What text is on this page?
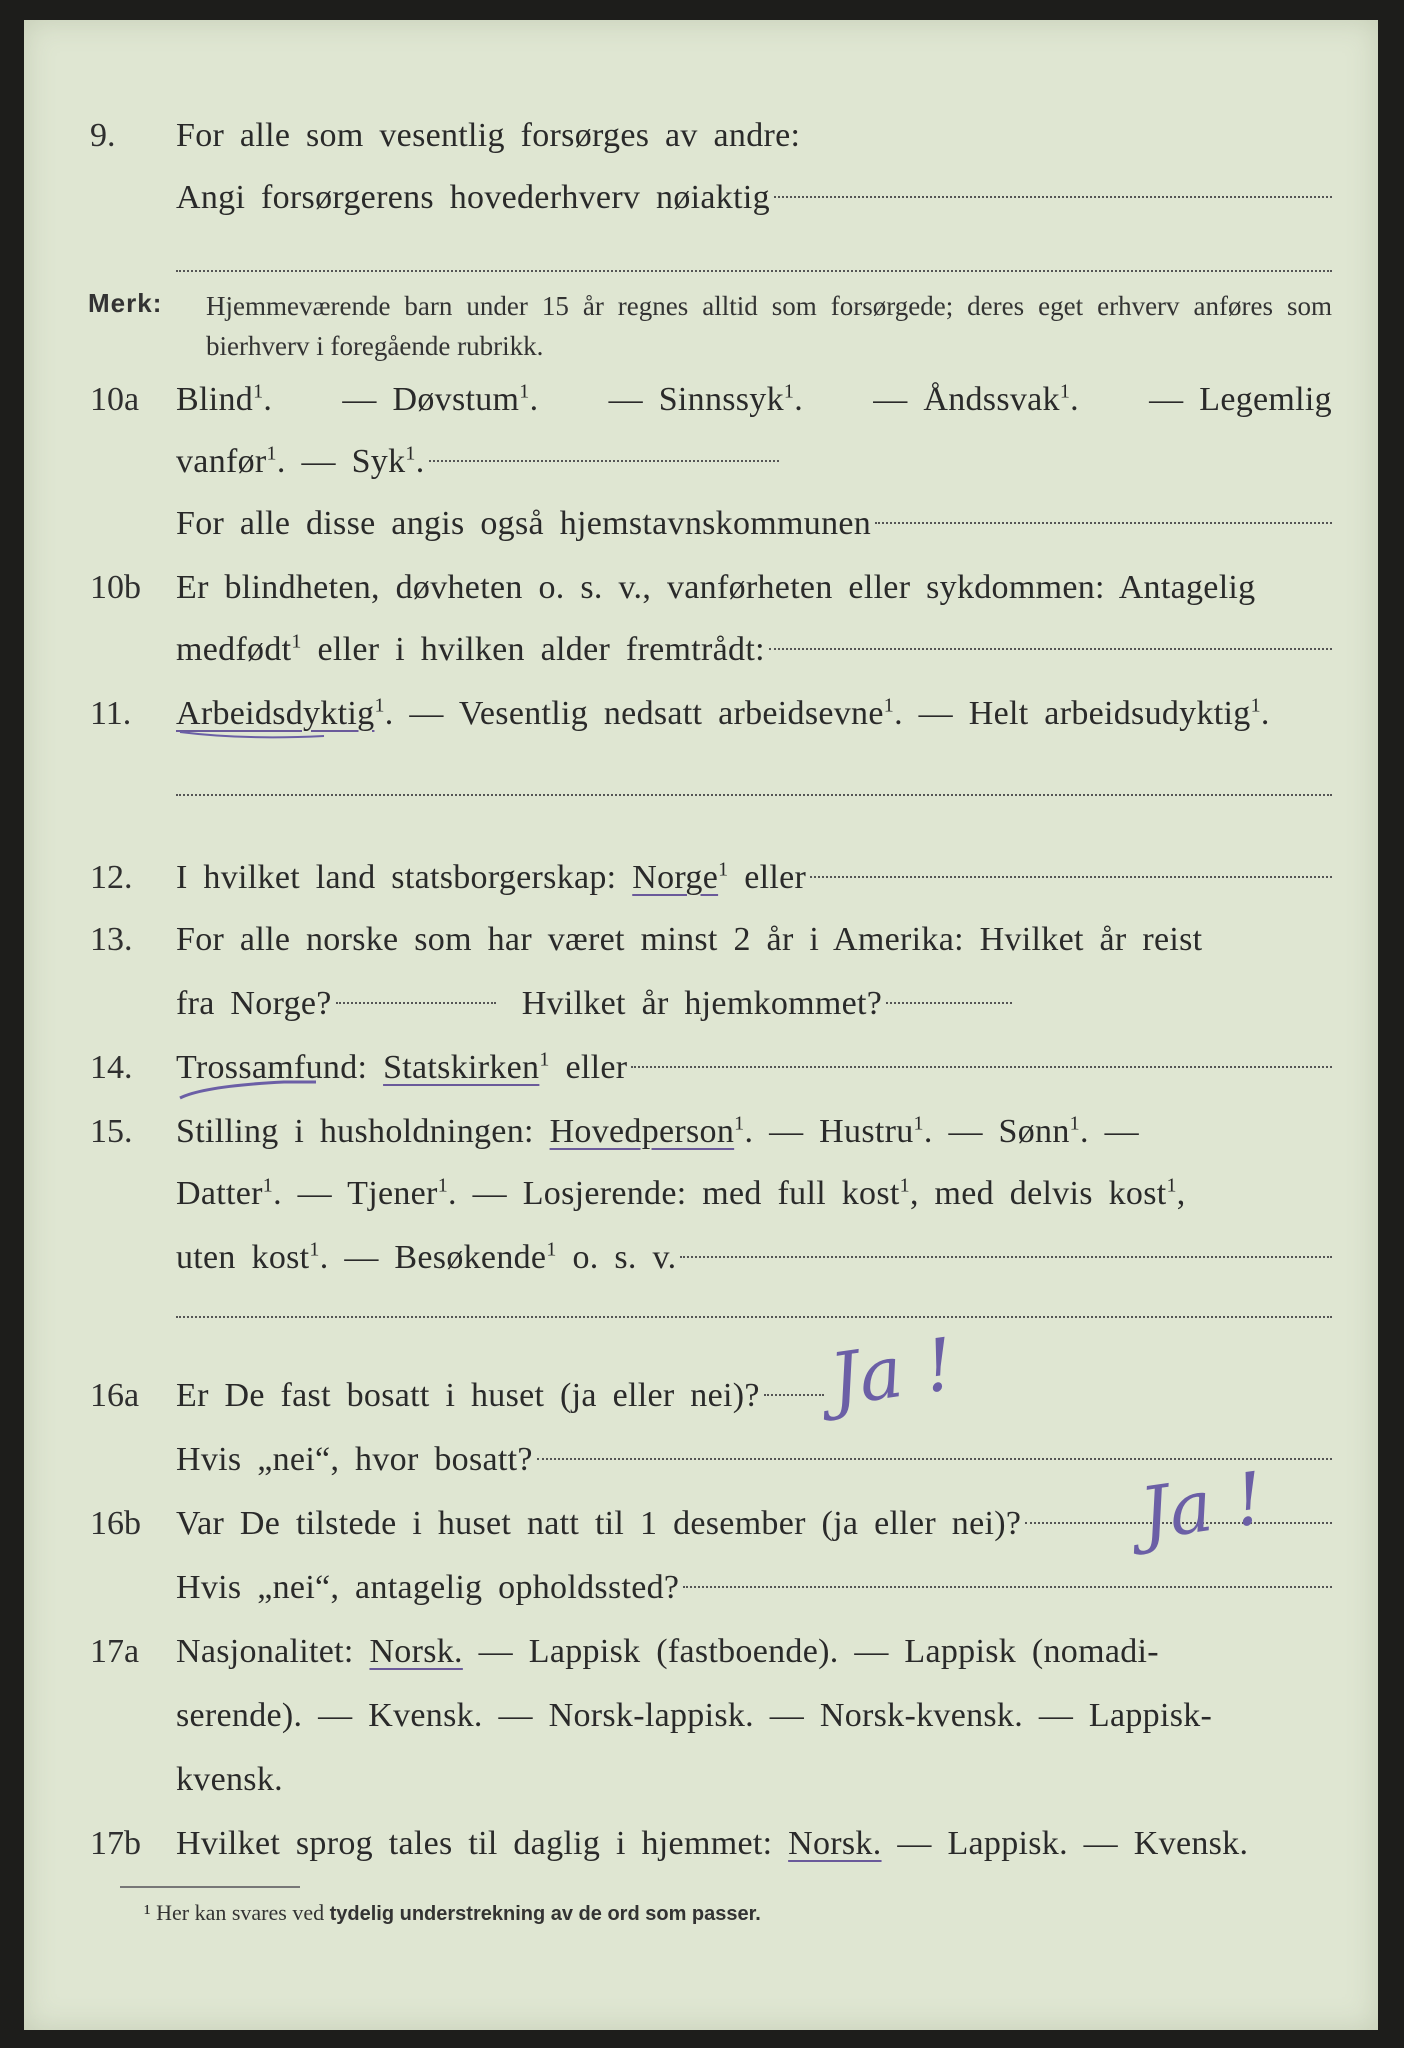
9.	For alle som vesentlig forsørges av andre:
Angi forsørgerens hovederhverv nøiaktig
Merk: Hjemmeværende barn under 15 år regnes alltid som forsørgede; deres eget erhverv anføres som bierhverv i foregående rubrikk.
10a	Blind$^1$. — Døvstum$^1$. — Sinnssyk$^1$. — Åndssvak$^1$. — Legemlig
vanfør$^1$. — Syk$^1$.
For alle disse angis også hjemstavnskommunen
10b	Er blindheten, døvheten o. s. v., vanførheten eller sykdommen: Antagelig
medfødt$^1$ eller i hvilken alder fremtrådt:
11.	Arbeidsdyktig$^1$. — Vesentlig nedsatt arbeidsevne$^1$. — Helt arbeidsudyktig$^1$.
12.	I hvilket land statsborgerskap: Norge$^1$ eller
13.	For alle norske som har været minst 2 år i Amerika: Hvilket år reist
fra Norge?	Hvilket år hjemkommet?
14.	Trossamfund: Statskirken$^1$ eller
15.	Stilling i husholdningen: Hovedperson$^1$. — Hustru$^1$. — Sønn$^1$. —
Datter$^1$. — Tjener$^1$. — Losjerende: med full kost$^1$, med delvis kost$^1$,
uten kost$^1$. — Besøkende$^1$ o. s. v.
16a	Er De fast bosatt i huset (ja eller nei)? Ja !
Hvis „nei“, hvor bosatt?
16b	Var De tilstede i huset natt til 1 desember (ja eller nei)? Ja !
Hvis „nei“, antagelig opholdssted?
17a	Nasjonalitet: Norsk. — Lappisk (fastboende). — Lappisk (nomadi-
serende). — Kvensk. — Norsk-lappisk. — Norsk-kvensk. — Lappisk-
kvensk.
17b	Hvilket sprog tales til daglig i hjemmet: Norsk. — Lappisk. — Kvensk.
¹ Her kan svares ved tydelig understrekning av de ord som passer.
